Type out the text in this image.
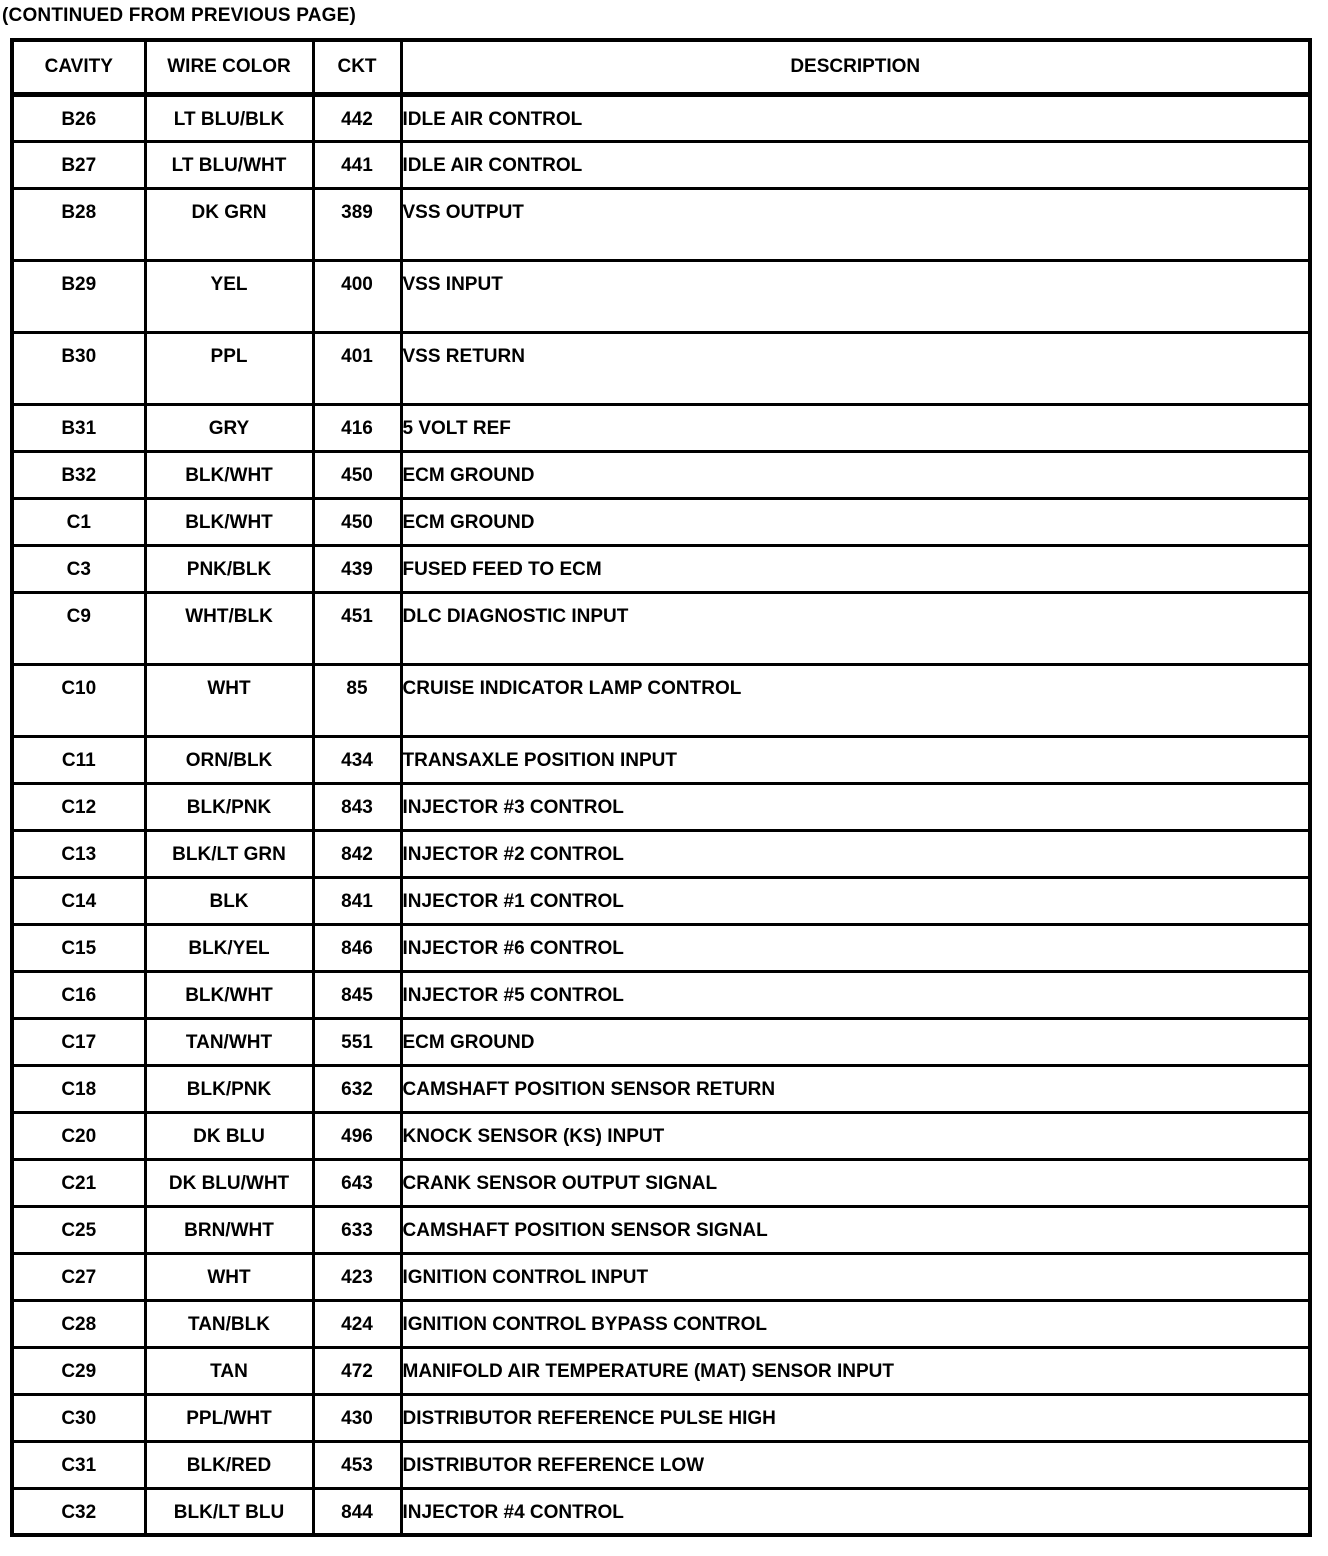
(CONTINUED FROM PREVIOUS PAGE)
CAVITY	WIRE COLOR	CKT	DESCRIPTION
B26	LT BLU/BLK	442	IDLE AIR CONTROL
B27	LT BLU/WHT	441	IDLE AIR CONTROL
B28	DK GRN	389	VSS OUTPUT
B29	YEL	400	VSS INPUT
B30	PPL	401	VSS RETURN
B31	GRY	416	5 VOLT REF
B32	BLK/WHT	450	ECM GROUND
C1	BLK/WHT	450	ECM GROUND
C3	PNK/BLK	439	FUSED FEED TO ECM
C9	WHT/BLK	451	DLC DIAGNOSTIC INPUT
C10	WHT	85	CRUISE INDICATOR LAMP CONTROL
C11	ORN/BLK	434	TRANSAXLE POSITION INPUT
C12	BLK/PNK	843	INJECTOR #3 CONTROL
C13	BLK/LT GRN	842	INJECTOR #2 CONTROL
C14	BLK	841	INJECTOR #1 CONTROL
C15	BLK/YEL	846	INJECTOR #6 CONTROL
C16	BLK/WHT	845	INJECTOR #5 CONTROL
C17	TAN/WHT	551	ECM GROUND
C18	BLK/PNK	632	CAMSHAFT POSITION SENSOR RETURN
C20	DK BLU	496	KNOCK SENSOR (KS) INPUT
C21	DK BLU/WHT	643	CRANK SENSOR OUTPUT SIGNAL
C25	BRN/WHT	633	CAMSHAFT POSITION SENSOR SIGNAL
C27	WHT	423	IGNITION CONTROL INPUT
C28	TAN/BLK	424	IGNITION CONTROL BYPASS CONTROL
C29	TAN	472	MANIFOLD AIR TEMPERATURE (MAT) SENSOR INPUT
C30	PPL/WHT	430	DISTRIBUTOR REFERENCE PULSE HIGH
C31	BLK/RED	453	DISTRIBUTOR REFERENCE LOW
C32	BLK/LT BLU	844	INJECTOR #4 CONTROL
